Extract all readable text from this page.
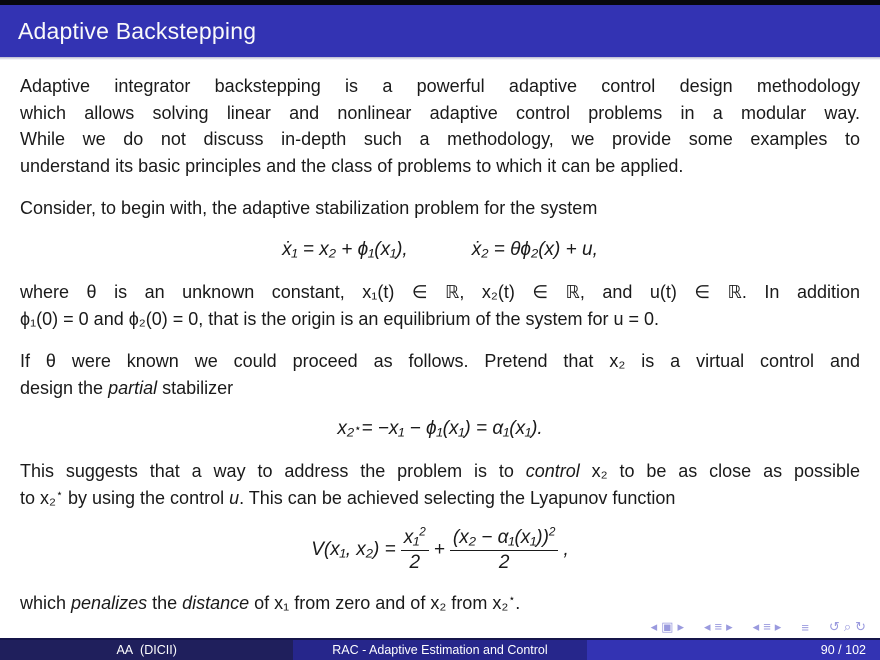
Adaptive Backstepping
Adaptive integrator backstepping is a powerful adaptive control design methodology
which allows solving linear and nonlinear adaptive control problems in a modular way.
While we do not discuss in-depth such a methodology, we provide some examples to
understand its basic principles and the class of problems to which it can be applied.
Consider, to begin with, the adaptive stabilization problem for the system
ẋ₁ = x₂ + ϕ₁(x₁),	ẋ₂ = θϕ₂(x) + u,
where θ is an unknown constant, x₁(t) ∈ ℝ, x₂(t) ∈ ℝ, and u(t) ∈ ℝ. In addition
ϕ₁(0) = 0 and ϕ₂(0) = 0, that is the origin is an equilibrium of the system for u = 0.
If θ were known we could proceed as follows. Pretend that x₂ is a virtual control and
design the partial stabilizer
x₂ ⋆ = −x₁ − ϕ₁(x₁) = α₁(x₁).
This suggests that a way to address the problem is to control x₂ to be as close as possible
to x₂⋆ by using the control u. This can be achieved selecting the Lyapunov function
V(x₁, $x_2) = \frac{x_1^2}{2} + \frac{(x_2 - \alpha_1(x_1))^2}{2}$ ,
which penalizes the distance of x₁ from zero and of x₂ from x₂⋆.
◂ ▣ ▸ ◂ ≡ ▸ ◂ ≡ ▸ ≡ ↺ ⌕ ↻
AA  (DICII)	RAC - Adaptive Estimation and Control	90 / 102
